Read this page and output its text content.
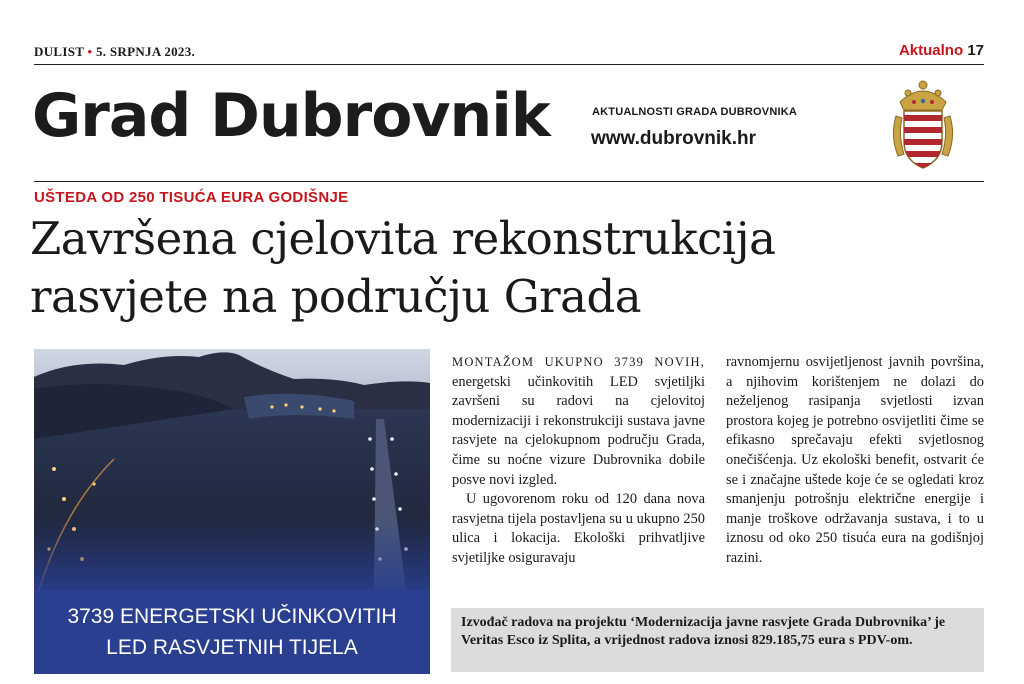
DULIST • 5. SRPNJA 2023.	Aktualno 17
Grad Dubrovnik	AKTUALNOSTI GRADA DUBROVNIKA
www.dubrovnik.hr
UŠTEDA OD 250 TISUĆA EURA GODIŠNJE
Završena cjelovita rekonstrukcija
rasvjete na području Grada
3739 ENERGETSKI UČINKOVITIH
LED RASVJETNIH TIJELA

MONTAŽOM UKUPNO 3739 NOVIH, energetski učinkovitih LED svjetiljki završeni su radovi na cjelovitoj modernizaciji i rekonstrukciji sustava javne rasvjete na cjelokupnom području Grada, čime su noćne vizure Dubrovnika dobile posve novi izgled.

U ugovorenom roku od 120 dana nova rasvjetna tijela postavljena su u ukupno 250 ulica i lokacija. Ekološki prihvatljive svjetiljke osiguravaju

ravnomjernu osvijetljenost javnih površina, a njihovim korištenjem ne dolazi do neželjenog rasipanja svjetlosti izvan prostora kojeg je potrebno osvijetliti čime se efikasno sprečavaju efekti svjetlosnog onečišćenja. Uz ekološki benefit, ostvarit će se i značajne uštede koje će se ogledati kroz smanjenju potrošnju električne energije i manje troškove održavanja sustava, i to u iznosu od oko 250 tisuća eura na godišnjoj razini.

Izvođač radova na projektu ‘Modernizacija javne rasvjete Grada Dubrovnika’ je Veritas Esco iz Splita, a vrijednost radova iznosi 829.185,75 eura s PDV-om.
